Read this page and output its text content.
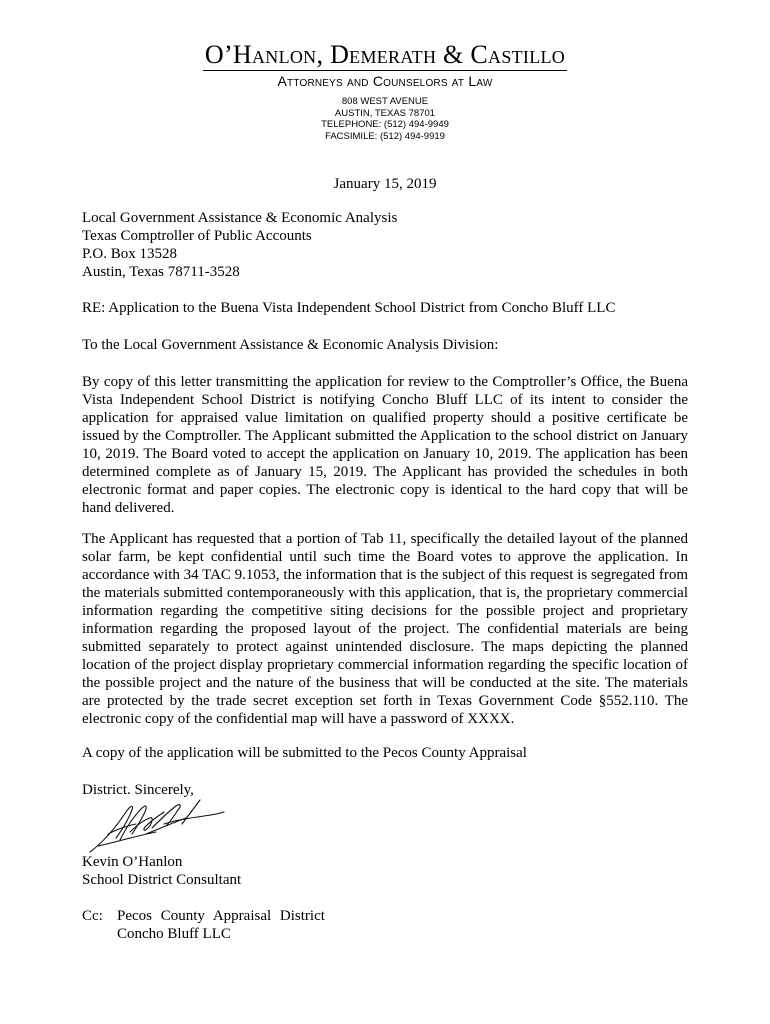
O’Hanlon, Demerath & Castillo
Attorneys and Counselors at Law
808 WEST AVENUE
AUSTIN, TEXAS 78701
TELEPHONE: (512) 494-9949
FACSIMILE: (512) 494-9919
January 15, 2019
Local Government Assistance & Economic Analysis
Texas Comptroller of Public Accounts
P.O. Box 13528
Austin, Texas 78711-3528
RE: Application to the Buena Vista Independent School District from Concho Bluff LLC
To the Local Government Assistance & Economic Analysis Division:
By copy of this letter transmitting the application for review to the Comptroller’s Office, the Buena Vista Independent School District is notifying Concho Bluff LLC of its intent to consider the application for appraised value limitation on qualified property should a positive certificate be issued by the Comptroller. The Applicant submitted the Application to the school district on January 10, 2019. The Board voted to accept the application on January 10, 2019. The application has been determined complete as of January 15, 2019. The Applicant has provided the schedules in both electronic format and paper copies. The electronic copy is identical to the hard copy that will be hand delivered.
The Applicant has requested that a portion of Tab 11, specifically the detailed layout of the planned solar farm, be kept confidential until such time the Board votes to approve the application. In accordance with 34 TAC 9.1053, the information that is the subject of this request is segregated from the materials submitted contemporaneously with this application, that is, the proprietary commercial information regarding the competitive siting decisions for the possible project and proprietary information regarding the proposed layout of the project. The confidential materials are being submitted separately to protect against unintended disclosure. The maps depicting the planned location of the project display proprietary commercial information regarding the specific location of the possible project and the nature of the business that will be conducted at the site. The materials are protected by the trade secret exception set forth in Texas Government Code §552.110. The electronic copy of the confidential map will have a password of XXXX.
A copy of the application will be submitted to the Pecos County Appraisal
District. Sincerely,
Kevin O’Hanlon
School District Consultant
Cc: Pecos County Appraisal District
Concho Bluff LLC
